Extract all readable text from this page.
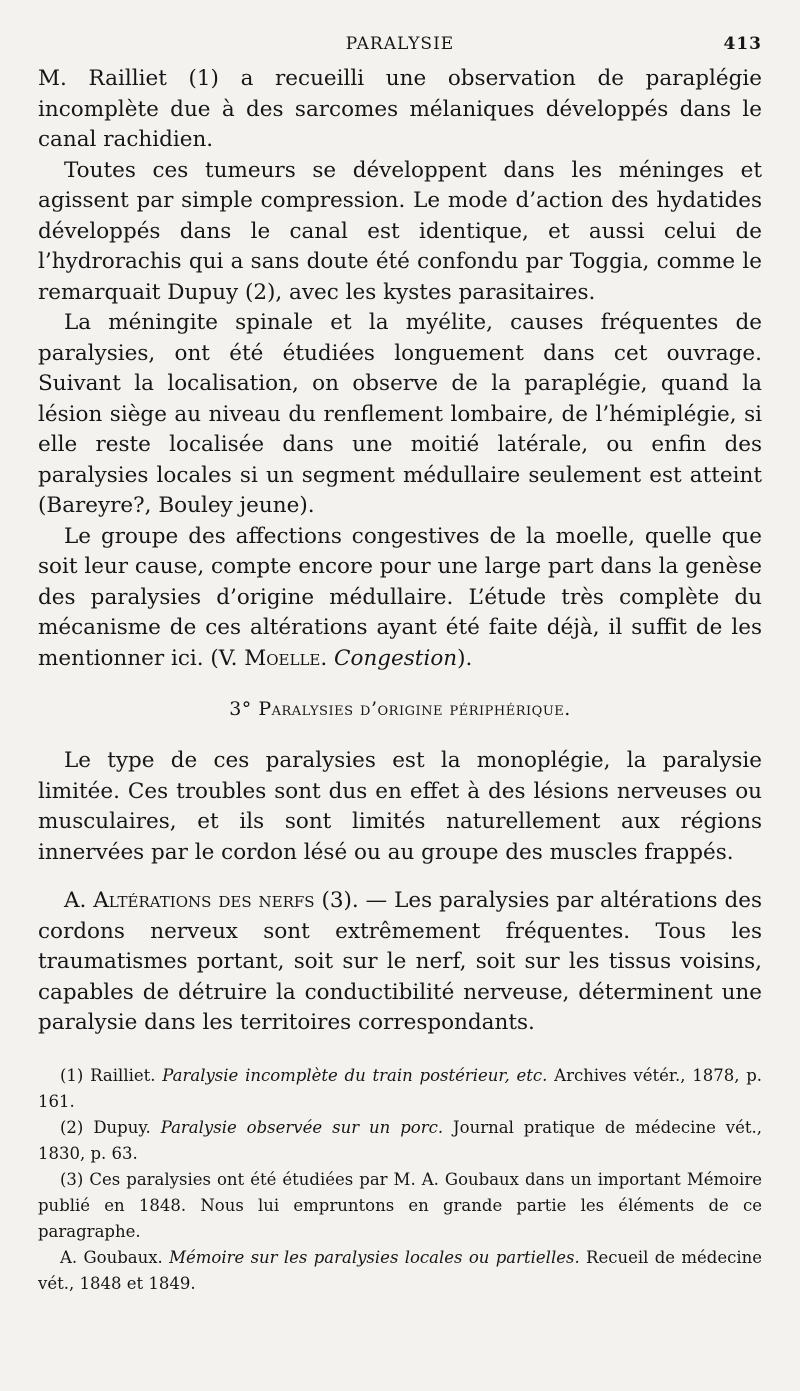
PARALYSIE	413

M. Railliet (1) a recueilli une observation de paraplégie incomplète due à des sarcomes mélaniques développés dans le canal rachidien.

Toutes ces tumeurs se développent dans les méninges et agissent par simple compression. Le mode d’action des hydatides développés dans le canal est identique, et aussi celui de l’hydrorachis qui a sans doute été confondu par Toggia, comme le remarquait Dupuy (2), avec les kystes parasitaires.

La méningite spinale et la myélite, causes fréquentes de paralysies, ont été étudiées longuement dans cet ouvrage. Suivant la localisation, on observe de la paraplégie, quand la lésion siège au niveau du renflement lombaire, de l’hémiplégie, si elle reste localisée dans une moitié latérale, ou enfin des paralysies locales si un segment médullaire seulement est atteint (Bareyre?, Bouley jeune).

Le groupe des affections congestives de la moelle, quelle que soit leur cause, compte encore pour une large part dans la genèse des paralysies d’origine médullaire. L’étude très complète du mécanisme de ces altérations ayant été faite déjà, il suffit de les mentionner ici. (V. Moelle. Congestion).

3° Paralysies d’origine périphérique.

Le type de ces paralysies est la monoplégie, la paralysie limitée. Ces troubles sont dus en effet à des lésions nerveuses ou musculaires, et ils sont limités naturellement aux régions innervées par le cordon lésé ou au groupe des muscles frappés.

A. Altérations des nerfs (3). — Les paralysies par altérations des cordons nerveux sont extrêmement fréquentes. Tous les traumatismes portant, soit sur le nerf, soit sur les tissus voisins, capables de détruire la conductibilité nerveuse, déterminent une paralysie dans les territoires correspondants.

(1) Railliet. Paralysie incomplète du train postérieur, etc. Archives vétér., 1878, p. 161.

(2) Dupuy. Paralysie observée sur un porc. Journal pratique de médecine vét., 1830, p. 63.

(3) Ces paralysies ont été étudiées par M. A. Goubaux dans un important Mémoire publié en 1848. Nous lui empruntons en grande partie les éléments de ce paragraphe.

A. Goubaux. Mémoire sur les paralysies locales ou partielles. Recueil de médecine vét., 1848 et 1849.
